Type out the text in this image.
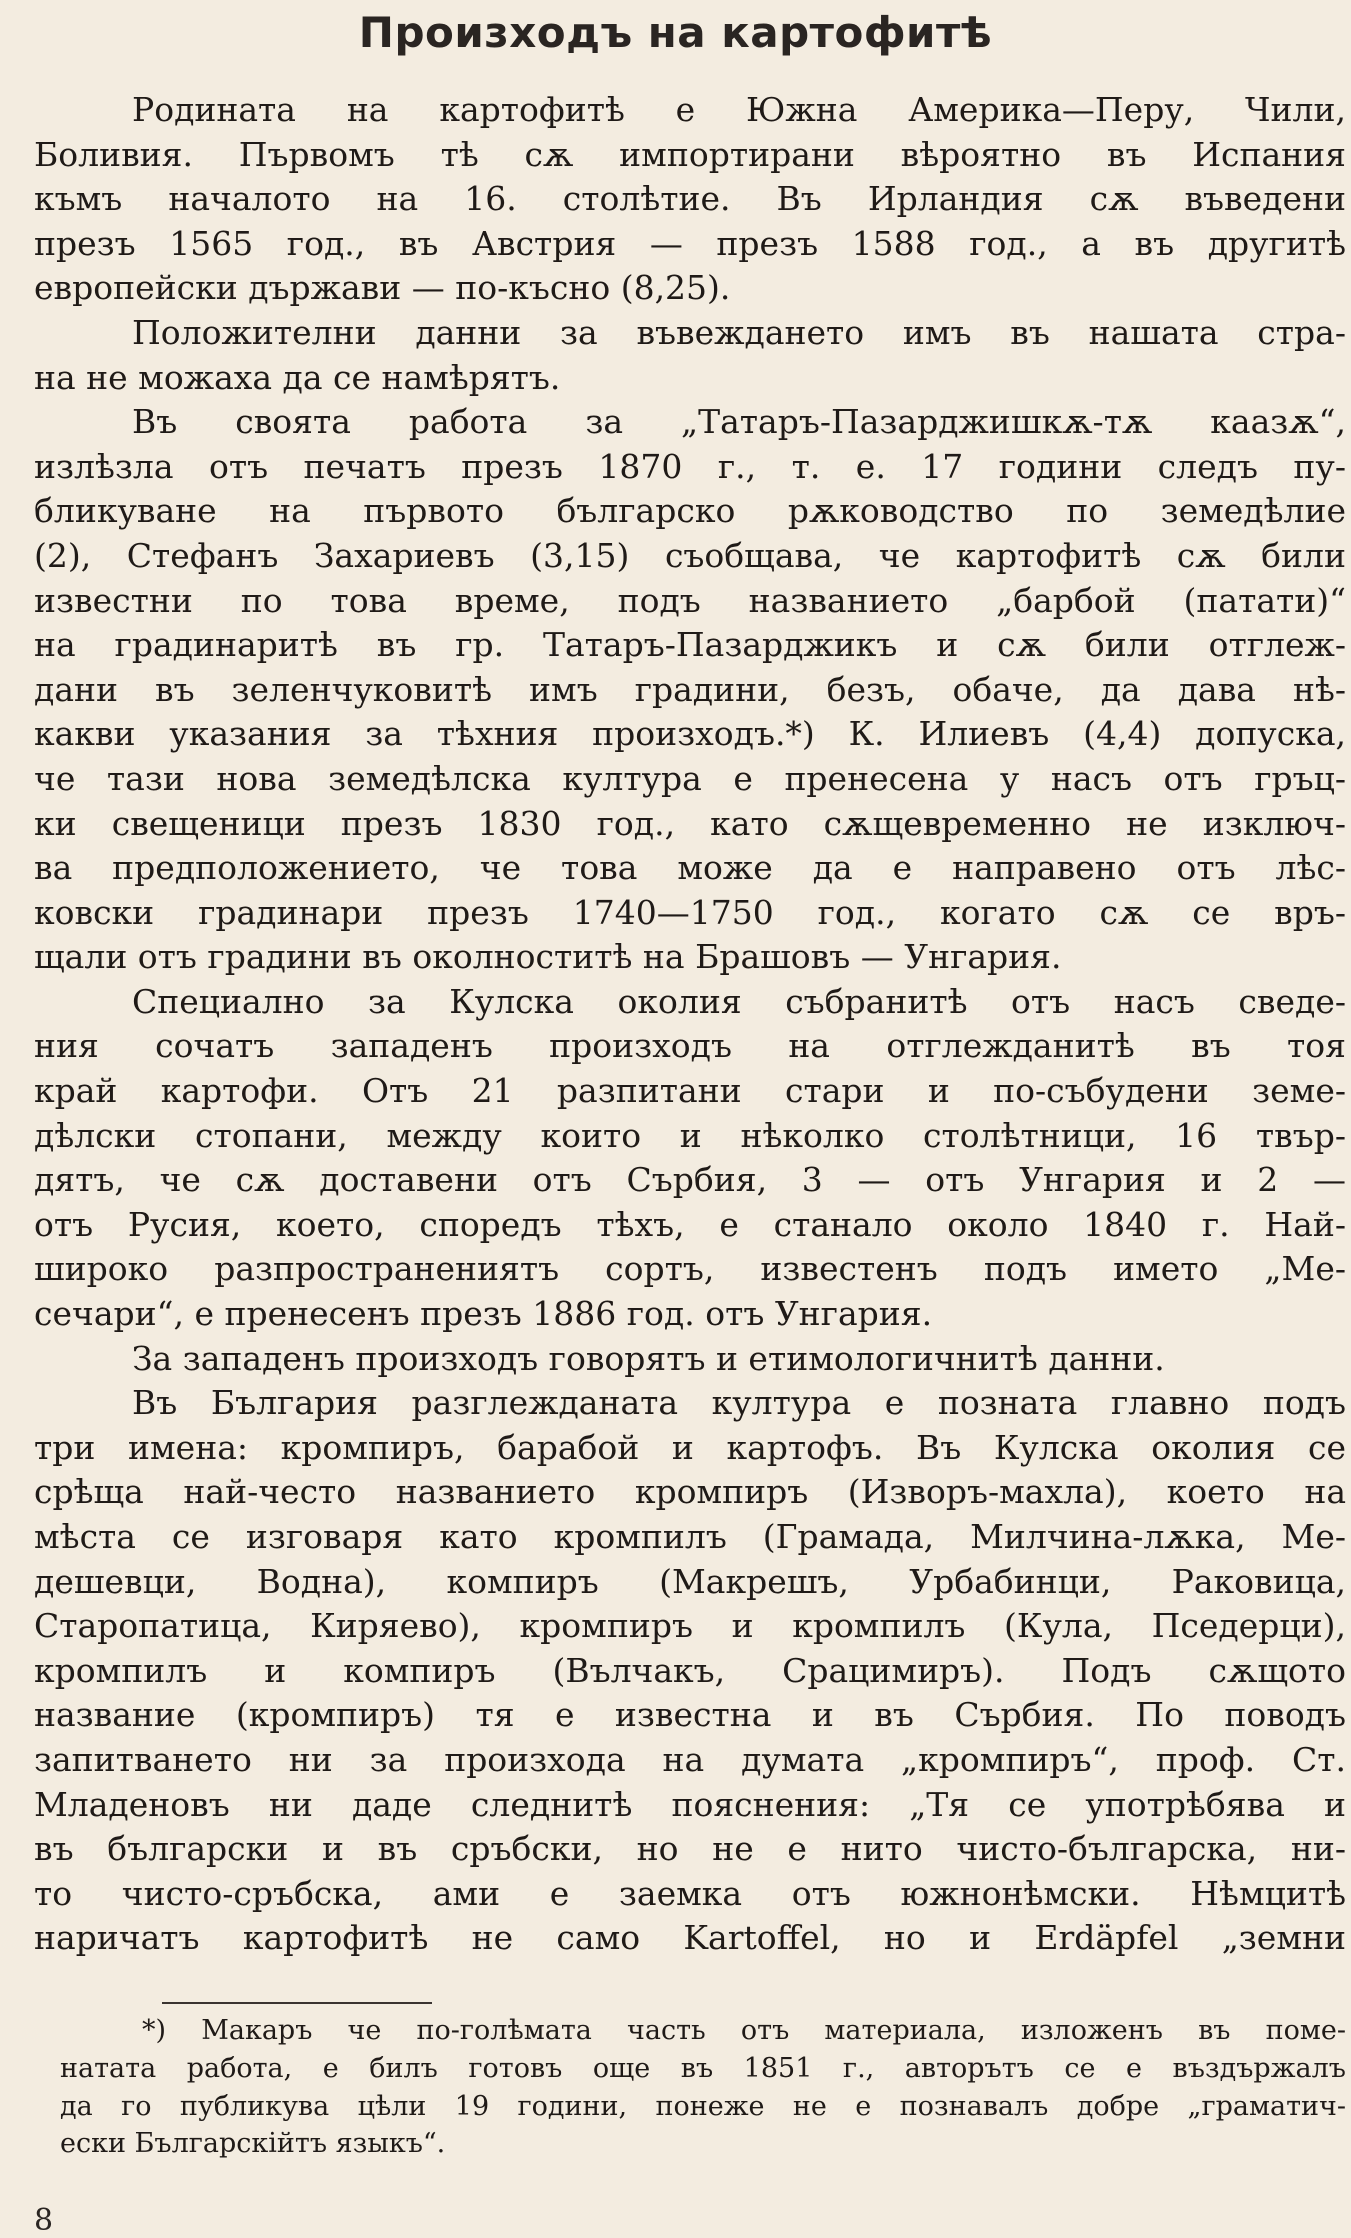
Произходъ на картофитѣ
Родината на картофитѣ е Южна Америка—Перу, Чили,
Боливия. Първомъ тѣ сѫ импортирани вѣроятно въ Испания
къмъ началото на 16. столѣтие. Въ Ирландия сѫ въведени
презъ 1565 год., въ Австрия — презъ 1588 год., а въ другитѣ
европейски държави — по-късно (8,25).
Положителни данни за въвеждането имъ въ нашата стра-
на не можаха да се намѣрятъ.
Въ своята работа за „Татаръ-Пазарджишкѫ-тѫ каазѫ“,
излѣзла отъ печатъ презъ 1870 г., т. е. 17 години следъ пу-
бликуване на първото българско рѫководство по земедѣлие
(2), Стефанъ Захариевъ (3,15) съобщава, че картофитѣ сѫ били
известни по това време, подъ названието „барбой (патати)“
на градинаритѣ въ гр. Татаръ-Пазарджикъ и сѫ били отглеж-
дани въ зеленчуковитѣ имъ градини, безъ, обаче, да дава нѣ-
какви указания за тѣхния произходъ.*) К. Илиевъ (4,4) допуска,
че тази нова земедѣлска култура е пренесена у насъ отъ гръц-
ки свещеници презъ 1830 год., като сѫщевременно не изключ-
ва предположението, че това може да е направено отъ лѣс-
ковски градинари презъ 1740—1750 год., когато сѫ се връ-
щали отъ градини въ околноститѣ на Брашовъ — Унгария.
Специално за Кулска околия събранитѣ отъ насъ сведе-
ния сочатъ западенъ произходъ на отглежданитѣ въ тоя
край картофи. Отъ 21 разпитани стари и по-събудени земе-
дѣлски стопани, между които и нѣколко столѣтници, 16 твър-
дятъ, че сѫ доставени отъ Сърбия, 3 — отъ Унгария и 2 —
отъ Русия, което, споредъ тѣхъ, е станало около 1840 г. Най-
широко разпространениятъ сортъ, известенъ подъ името „Ме-
сечари“, е пренесенъ презъ 1886 год. отъ Унгария.
За западенъ произходъ говорятъ и етимологичнитѣ данни.
Въ България разглежданата култура е позната главно подъ
три имена: кромпиръ, барабой и картофъ. Въ Кулска околия се
срѣща най-често названието кромпиръ (Изворъ-махла), което на
мѣста се изговаря като кромпилъ (Грамада, Милчина-лѫка, Ме-
дешевци, Водна), компиръ (Макрешъ, Урбабинци, Раковица,
Старопатица, Киряево), кромпиръ и кромпилъ (Кула, Пседерци),
кромпилъ и компиръ (Вълчакъ, Срацимиръ). Подъ сѫщото
название (кромпиръ) тя е известна и въ Сърбия. По поводъ
запитването ни за произхода на думата „кромпиръ“, проф. Ст.
Младеновъ ни даде следнитѣ пояснения: „Тя се употрѣбява и
въ български и въ сръбски, но не е нито чисто-българска, ни-
то чисто-сръбска, ами е заемка отъ южнонѣмски. Нѣмцитѣ
наричатъ картофитѣ не само Kartoffel, но и Erdäpfel „земни
*) Макаръ че по-голѣмата часть отъ материала, изложенъ въ поме-
натата работа, е билъ готовъ още въ 1851 г., авторътъ се е въздържалъ
да го публикува цѣли 19 години, понеже не е познавалъ добре „граматич-
ески Българскійтъ языкъ“.
8
